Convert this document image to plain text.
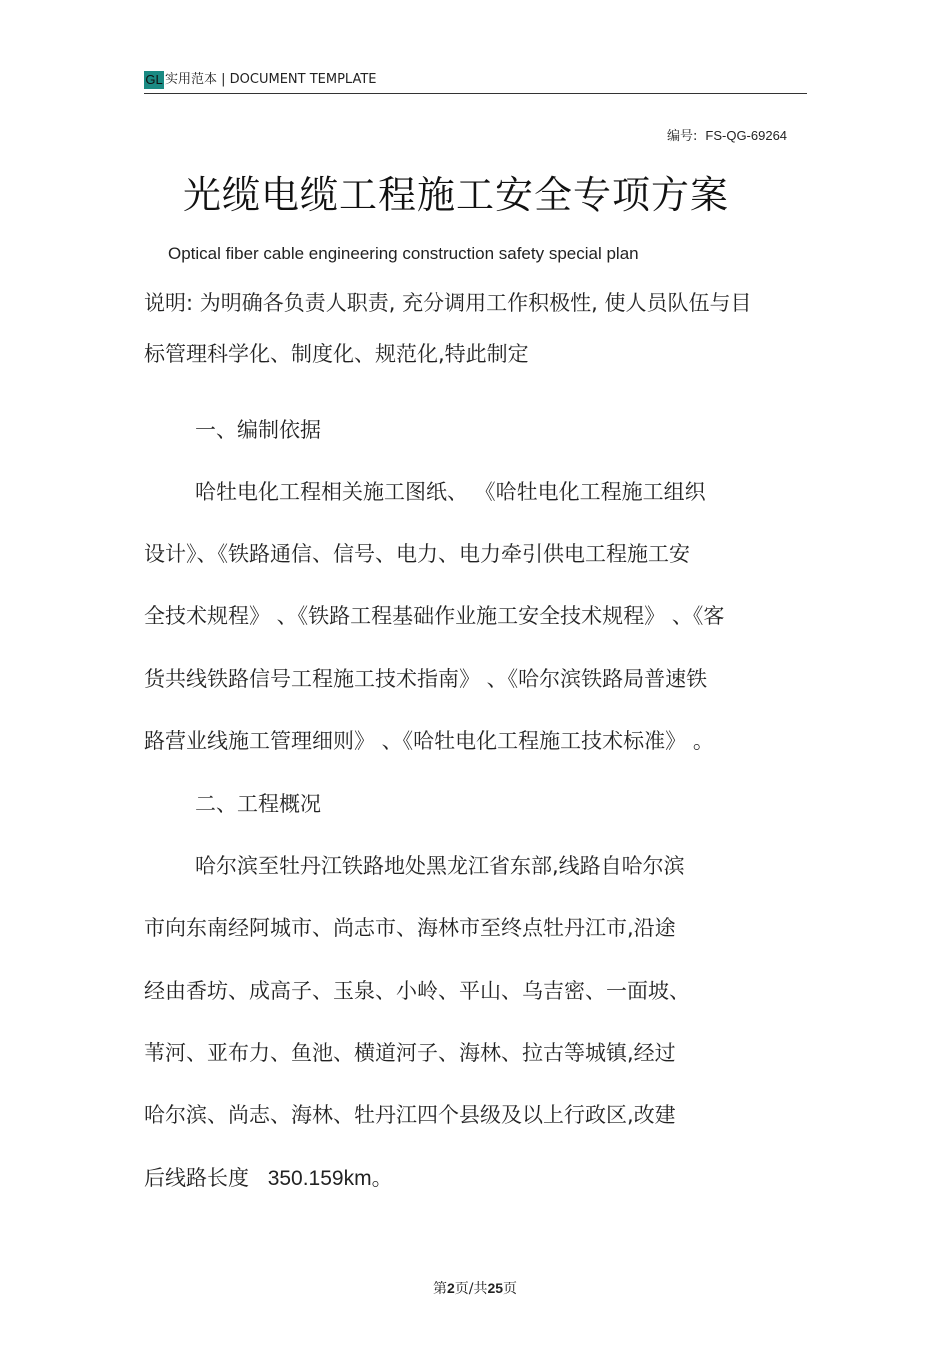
GL 实用范本 | DOCUMENT TEMPLATE
编号: FS-QG-69264
光缆电缆工程施工安全专项方案
Optical fiber cable engineering construction safety special plan
说明: 为明确各负责人职责, 充分调用工作积极性, 使人员队伍与目
标管理科学化、制度化、规范化,特此制定
一、编制依据
哈牡电化工程相关施工图纸、 《哈牡电化工程施工组织
设计》、《铁路通信、信号、电力、电力牵引供电工程施工安
全技术规程》 、《铁路工程基础作业施工安全技术规程》 、《客
货共线铁路信号工程施工技术指南》 、《哈尔滨铁路局普速铁
路营业线施工管理细则》 、《哈牡电化工程施工技术标准》 。
二、工程概况
哈尔滨至牡丹江铁路地处黑龙江省东部,线路自哈尔滨
市向东南经阿城市、尚志市、海林市至终点牡丹江市,沿途
经由香坊、成高子、玉泉、小岭、平山、乌吉密、一面坡、
苇河、亚布力、鱼池、横道河子、海林、拉古等城镇,经过
哈尔滨、尚志、海林、牡丹江四个县级及以上行政区,改建
后线路长度 350.159km。
第2页/共25页
